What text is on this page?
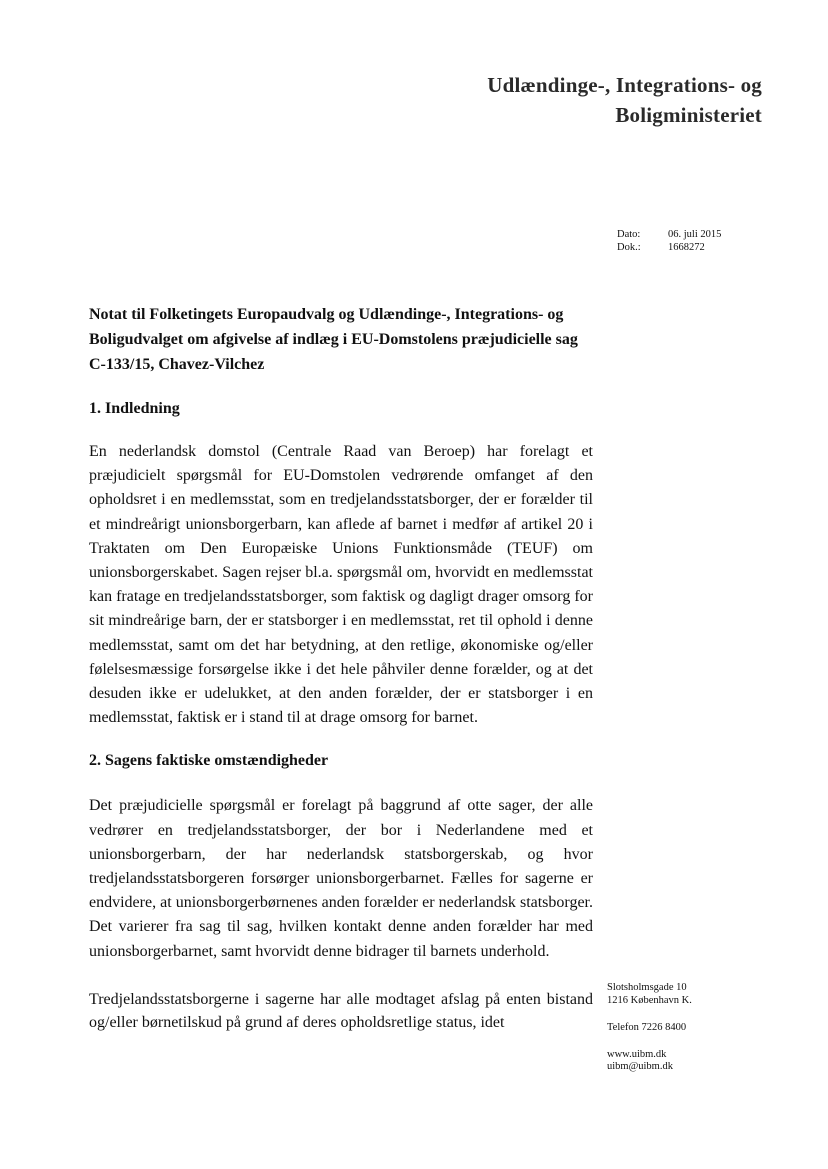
Udlændinge-, Integrations- og
Boligministeriet
Dato:	06. juli 2015
Dok.:	1668272

Notat til Folketingets Europaudvalg og Udlændinge-, Integrations- og Boligudvalget om afgivelse af indlæg i EU-Domstolens præjudicielle sag C-133/15, Chavez-Vilchez

1. Indledning

En nederlandsk domstol (Centrale Raad van Beroep) har forelagt et præjudicielt spørgsmål for EU-Domstolen vedrørende omfanget af den opholdsret i en medlemsstat, som en tredjelandsstatsborger, der er forælder til et mindreårigt unionsborgerbarn, kan aflede af barnet i medfør af artikel 20 i Traktaten om Den Europæiske Unions Funktionsmåde (TEUF) om unionsborgerskabet. Sagen rejser bl.a. spørgsmål om, hvorvidt en medlemsstat kan fratage en tredjelandsstatsborger, som faktisk og dagligt drager omsorg for sit mindreårige barn, der er statsborger i en medlemsstat, ret til ophold i denne medlemsstat, samt om det har betydning, at den retlige, økonomiske og/eller følelsesmæssige forsørgelse ikke i det hele påhviler denne forælder, og at det desuden ikke er udelukket, at den anden forælder, der er statsborger i en medlemsstat, faktisk er i stand til at drage omsorg for barnet.

2. Sagens faktiske omstændigheder

Det præjudicielle spørgsmål er forelagt på baggrund af otte sager, der alle vedrører en tredjelandsstatsborger, der bor i Nederlandene med et unionsborgerbarn, der har nederlandsk statsborgerskab, og hvor tredjelandsstatsborgeren forsørger unionsborgerbarnet. Fælles for sagerne er endvidere, at unionsborgerbørnenes anden forælder er nederlandsk statsborger. Det varierer fra sag til sag, hvilken kontakt denne anden forælder har med unionsborgerbarnet, samt hvorvidt denne bidrager til barnets underhold.

Tredjelandsstatsborgerne i sagerne har alle modtaget afslag på enten bistand og/eller børnetilskud på grund af deres opholdsretlige status, idet

Slotsholmsgade 10
1216 København K.
Telefon 7226 8400
www.uibm.dk
uibm@uibm.dk
